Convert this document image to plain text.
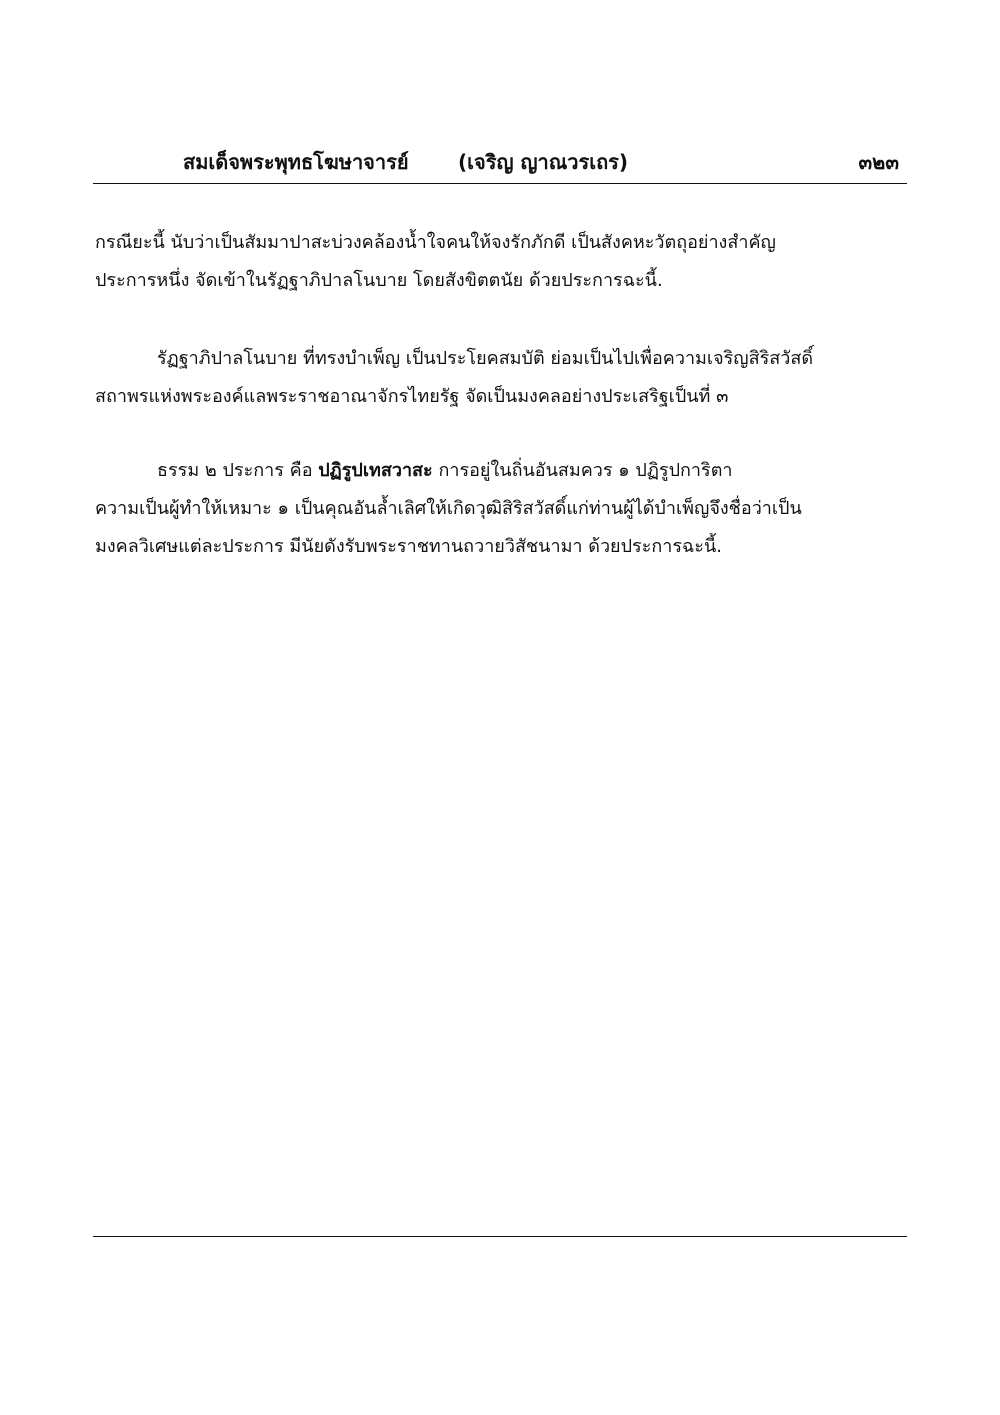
สมเด็จพระพุทธโฆษาจารย์ (เจริญ ญาณวรเถร)	๓๒๓
กรณียะนี้ นับว่าเป็นสัมมาปาสะบ่วงคล้องน้ำใจคนให้จงรักภักดี เป็นสังคหะวัตถุอย่างสำคัญ
ประการหนึ่ง จัดเข้าในรัฏฐาภิปาลโนบาย โดยสังขิตตนัย ด้วยประการฉะนี้.
รัฏฐาภิปาลโนบาย ที่ทรงบำเพ็ญ เป็นประโยคสมบัติ ย่อมเป็นไปเพื่อความเจริญสิริสวัสดิ์
สถาพรแห่งพระองค์แลพระราชอาณาจักรไทยรัฐ จัดเป็นมงคลอย่างประเสริฐเป็นที่ ๓
ธรรม ๒ ประการ คือ ปฏิรูปเทสวาสะ การอยู่ในถิ่นอันสมควร ๑ ปฏิรูปการิตา
ความเป็นผู้ทำให้เหมาะ ๑ เป็นคุณอันล้ำเลิศให้เกิดวุฒิสิริสวัสดิ์แก่ท่านผู้ได้บำเพ็ญจึงชื่อว่าเป็น
มงคลวิเศษแต่ละประการ มีนัยดังรับพระราชทานถวายวิสัชนามา ด้วยประการฉะนี้.
